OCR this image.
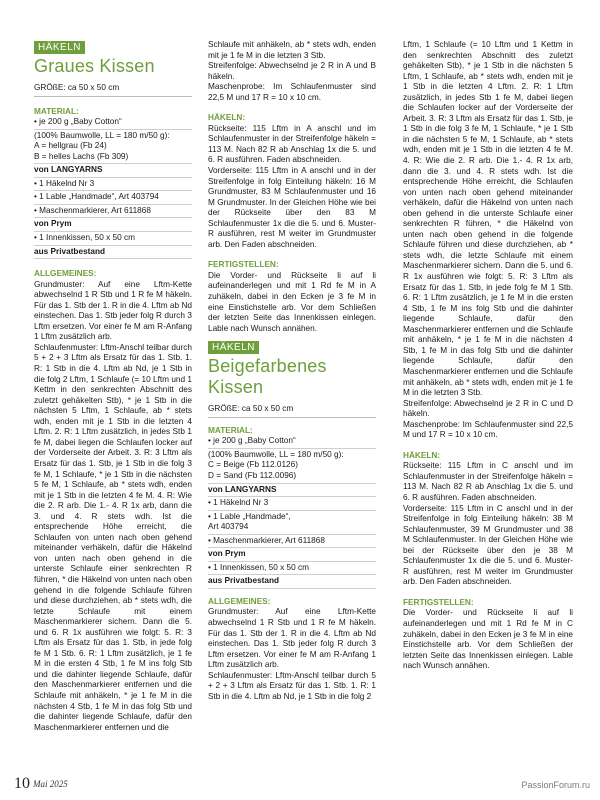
HÄKELN
Graues Kissen
GRÖßE: ca 50 x 50 cm
MATERIAL:
• je 200 g „Baby Cotton“
(100% Baumwolle, LL = 180 m/50 g):
A = hellgrau (Fb 24)
B = helles Lachs (Fb 309)
von LANGYARNS
• 1 Häkelnd Nr 3
• 1 Lable „Handmade“, Art 403794
• Maschenmarkierer, Art 611868
von Prym
• 1 Innenkissen, 50 x 50 cm
aus Privatbestand
ALLGEMEINES:

Grundmuster: Auf eine Lftm-Kette abwechselnd 1 R Stb und 1 R fe M häkeln. Für das 1. Stb der 1. R in die 4. Lftm ab Nd einstechen. Das 1. Stb jeder folg R durch 3 Lftm ersetzen. Vor einer fe M am R-Anfang 1 Lftm zusätzlich arb.

Schlaufenmuster: Lftm-Anschl teilbar durch 5 + 2 + 3 Lftm als Ersatz für das 1. Stb. 1. R: 1 Stb in die 4. Lftm ab Nd, je 1 Stb in die folg 2 Lftm, 1 Schlaufe (= 10 Lftm und 1 Kettm in den senkrechten Abschnitt des zuletzt gehäkelten Stb), * je 1 Stb in die nächsten 5 Lftm, 1 Schlaufe, ab * stets wdh, enden mit je 1 Stb in die letzten 4 Lftm. 2. R: 1 Lftm zusätzlich, in jedes Stb 1 fe M, dabei liegen die Schlaufen locker auf der Vorderseite der Arbeit. 3. R: 3 Lftm als Ersatz für das 1. Stb, je 1 Stb in die folg 3 fe M, 1 Schlaufe, * je 1 Stb in die nächsten 5 fe M, 1 Schlaufe, ab * stets wdh, enden mit je 1 Stb in die letzten 4 fe M. 4. R: Wie die 2. R arb. Die 1.- 4. R 1x arb, dann die 3. und 4. R stets wdh. Ist die entsprechende Höhe erreicht, die Schlaufen von unten nach oben gehend miteinander verhäkeln, dafür die Häkelnd von unten nach oben gehend in die unterste Schlaufe einer senkrechten R führen, * die Häkelnd von unten nach oben gehend in die folgende Schlaufe führen und diese durchziehen, ab * stets wdh, die letzte Schlaufe mit einem Maschenmarkierer sichern. Dann die 5. und 6. R 1x ausführen wie folgt: 5. R: 3 Lftm als Ersatz für das 1. Stb, in jede folg fe M 1 Stb. 6. R: 1 Lftm zusätzlich, je 1 fe M in die ersten 4 Stb, 1 fe M ins folg Stb und die dahinter liegende Schlaufe, dafür den Maschenmarkierer entfernen und die Schlaufe mit anhäkeln, * je 1 fe M in die nächsten 4 Stb, 1 fe M in das folg Stb und die dahinter liegende Schlaufe, dafür den Maschenmarkierer entfernen und die

Schlaufe mit anhäkeln, ab * stets wdh, enden mit je 1 fe M in die letzten 3 Stb.

Streifenfolge: Abwechselnd je 2 R in A und B häkeln.

Maschenprobe: Im Schlaufenmuster sind 22,5 M und 17 R = 10 x 10 cm.

HÄKELN:

Rückseite: 115 Lftm in A anschl und im Schlaufenmuster in der Streifenfolge häkeln = 113 M. Nach 82 R ab Anschlag 1x die 5. und 6. R ausführen. Faden abschneiden.

Vorderseite: 115 Lftm in A anschl und in der Streifenfolge in folg Einteilung häkeln: 16 M Grundmuster, 83 M Schlaufenmuster und 16 M Grundmuster. In der Gleichen Höhe wie bei der Rückseite über den 83 M Schlaufenmuster 1x die die 5. und 6. Muster-R ausführen, rest M weiter im Grundmuster arb. Den Faden abschneiden.

FERTIGSTELLEN:

Die Vorder- und Rückseite li auf li aufeinanderlegen und mit 1 Rd fe M in A zuhäkeln, dabei in den Ecken je 3 fe M in eine Einstichstelle arb. Vor dem Schließen der letzten Seite das Innenkissen einlegen. Lable nach Wunsch annähen.

HÄKELN
Beigefarbenes Kissen
GRÖßE: ca 50 x 50 cm
MATERIAL:
• je 200 g „Baby Cotton“
(100% Baumwolle, LL = 180 m/50 g):
C = Beige (Fb 112.0126)
D = Sand (Fb 112.0096)
von LANGYARNS
• 1 Häkelnd Nr 3
• 1 Lable „Handmade“,
Art 403794
• Maschenmarkierer, Art 611868
von Prym
• 1 Innenkissen, 50 x 50 cm
aus Privatbestand
ALLGEMEINES:

Grundmuster: Auf eine Lftm-Kette abwechselnd 1 R Stb und 1 R fe M häkeln. Für das 1. Stb der 1. R in die 4. Lftm ab Nd einstechen. Das 1. Stb jeder folg R durch 3 Lftm ersetzen. Vor einer fe M am R-Anfang 1 Lftm zusätzlich arb.

Schlaufenmuster: Lftm-Anschl teilbar durch 5 + 2 + 3 Lftm als Ersatz für das 1. Stb. 1. R: 1 Stb in die 4. Lftm ab Nd, je 1 Stb in die folg 2

Lftm, 1 Schlaufe (= 10 Lftm und 1 Kettm in den senkrechten Abschnitt des zuletzt gehäkelten Stb), * je 1 Stb in die nächsten 5 Lftm, 1 Schlaufe, ab * stets wdh, enden mit je 1 Stb in die letzten 4 Lftm. 2. R: 1 Lftm zusätzlich, in jedes Stb 1 fe M, dabei liegen die Schlaufen locker auf der Vorderseite der Arbeit. 3. R: 3 Lftm als Ersatz für das 1. Stb, je 1 Stb in die folg 3 fe M, 1 Schlaufe, * je 1 Stb in die nächsten 5 fe M, 1 Schlaufe, ab * stets wdh, enden mit je 1 Stb in die letzten 4 fe M. 4. R: Wie die 2. R arb. Die 1.- 4. R 1x arb, dann die 3. und 4. R stets wdh. Ist die entsprechende Höhe erreicht, die Schlaufen von unten nach oben gehend miteinander verhäkeln, dafür die Häkelnd von unten nach oben gehend in die unterste Schlaufe einer senkrechten R führen, * die Häkelnd von unten nach oben gehend in die folgende Schlaufe führen und diese durchziehen, ab * stets wdh, die letzte Schlaufe mit einem Maschenmarkierer sichern. Dann die 5. und 6. R 1x ausführen wie folgt: 5. R: 3 Lftm als Ersatz für das 1. Stb, in jede folg fe M 1 Stb. 6. R: 1 Lftm zusätzlich, je 1 fe M in die ersten 4 Stb, 1 fe M ins folg Stb und die dahinter liegende Schlaufe, dafür den Maschenmarkierer entfernen und die Schlaufe mit anhäkeln, * je 1 fe M in die nächsten 4 Stb, 1 fe M in das folg Stb und die dahinter liegende Schlaufe, dafür den Maschenmarkierer entfernen und die Schlaufe mit anhäkeln, ab * stets wdh, enden mit je 1 fe M in die letzten 3 Stb.

Streifenfolge: Abwechselnd je 2 R in C und D häkeln.

Maschenprobe: Im Schlaufenmuster sind 22,5 M und 17 R = 10 x 10 cm.

HÄKELN:

Rückseite: 115 Lftm in C anschl und im Schlaufenmuster in der Streifenfolge häkeln = 113 M. Nach 82 R ab Anschlag 1x die 5. und 6. R ausführen. Faden abschneiden.

Vorderseite: 115 Lftm in C anschl und in der Streifenfolge in folg Einteilung häkeln: 38 M Schlaufenmuster, 39 M Grundmuster und 38 M Schlaufenmuster. In der Gleichen Höhe wie bei der Rückseite über den je 38 M Schlaufenmuster 1x die die 5. und 6. Muster-R ausführen, rest M weiter im Grundmuster arb. Den Faden abschneiden.

FERTIGSTELLEN:

Die Vorder- und Rückseite li auf li aufeinanderlegen und mit 1 Rd fe M in C zuhäkeln, dabei in den Ecken je 3 fe M in eine Einstichstelle arb. Vor dem Schließen der letzten Seite das Innenkissen einlegen. Lable nach Wunsch annähen.

10 Mai 2025	PassionForum.ru
